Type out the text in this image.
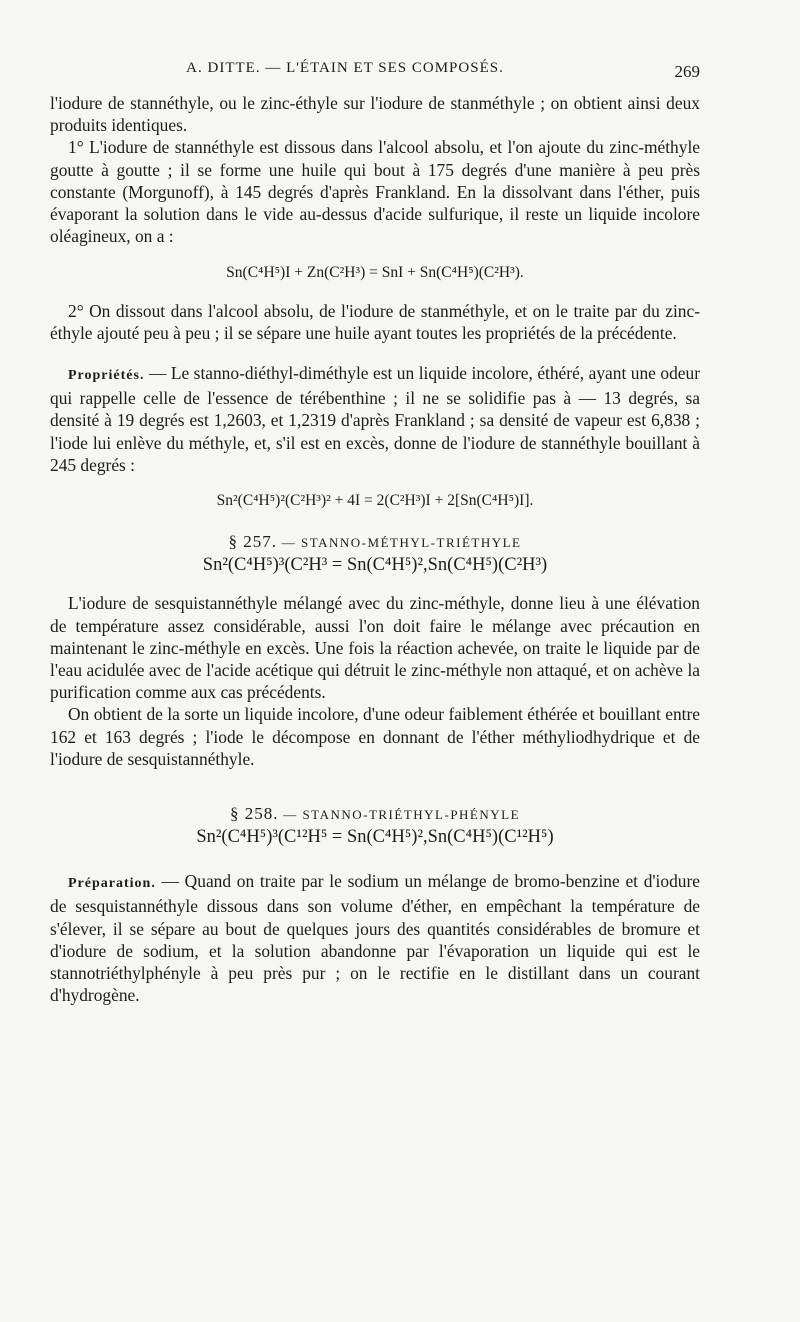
A. DITTE. — L'ÉTAIN ET SES COMPOSÉS.	269

l'iodure de stannéthyle, ou le zinc-éthyle sur l'iodure de stanméthyle ; on obtient ainsi deux produits identiques.

1° L'iodure de stannéthyle est dissous dans l'alcool absolu, et l'on ajoute du zinc-méthyle goutte à goutte ; il se forme une huile qui bout à 175 degrés d'une manière à peu près constante (Morgunoff), à 145 degrés d'après Frankland. En la dissolvant dans l'éther, puis évaporant la solution dans le vide au-dessus d'acide sulfurique, il reste un liquide incolore oléagineux, on a :

Sn(C⁴H⁵)I + Zn(C²H³) = SnI + Sn(C⁴H⁵)(C²H³).

2° On dissout dans l'alcool absolu, de l'iodure de stanméthyle, et on le traite par du zinc-éthyle ajouté peu à peu ; il se sépare une huile ayant toutes les propriétés de la précédente.

Propriétés. — Le stanno-diéthyl-diméthyle est un liquide incolore, éthéré, ayant une odeur qui rappelle celle de l'essence de térébenthine ; il ne se solidifie pas à — 13 degrés, sa densité à 19 degrés est 1,2603, et 1,2319 d'après Frankland ; sa densité de vapeur est 6,838 ; l'iode lui enlève du méthyle, et, s'il est en excès, donne de l'iodure de stannéthyle bouillant à 245 degrés :

Sn²(C⁴H⁵)²(C²H³)² + 4I = 2(C²H³)I + 2[Sn(C⁴H⁵)I].

§ 257. — STANNO-MÉTHYL-TRIÉTHYLE

Sn²(C⁴H⁵)³(C²H³ = Sn(C⁴H⁵)²,Sn(C⁴H⁵)(C²H³)

L'iodure de sesquistannéthyle mélangé avec du zinc-méthyle, donne lieu à une élévation de température assez considérable, aussi l'on doit faire le mélange avec précaution en maintenant le zinc-méthyle en excès. Une fois la réaction achevée, on traite le liquide par de l'eau acidulée avec de l'acide acétique qui détruit le zinc-méthyle non attaqué, et on achève la purification comme aux cas précédents.

On obtient de la sorte un liquide incolore, d'une odeur faiblement éthérée et bouillant entre 162 et 163 degrés ; l'iode le décompose en donnant de l'éther méthyliodhydrique et de l'iodure de sesquistannéthyle.

§ 258. — STANNO-TRIÉTHYL-PHÉNYLE

Sn²(C⁴H⁵)³(C¹²H⁵ = Sn(C⁴H⁵)²,Sn(C⁴H⁵)(C¹²H⁵)

Préparation. — Quand on traite par le sodium un mélange de bromo-benzine et d'iodure de sesquistannéthyle dissous dans son volume d'éther, en empêchant la température de s'élever, il se sépare au bout de quelques jours des quantités considérables de bromure et d'iodure de sodium, et la solution abandonne par l'évaporation un liquide qui est le stannotriéthylphényle à peu près pur ; on le rectifie en le distillant dans un courant d'hydrogène.
